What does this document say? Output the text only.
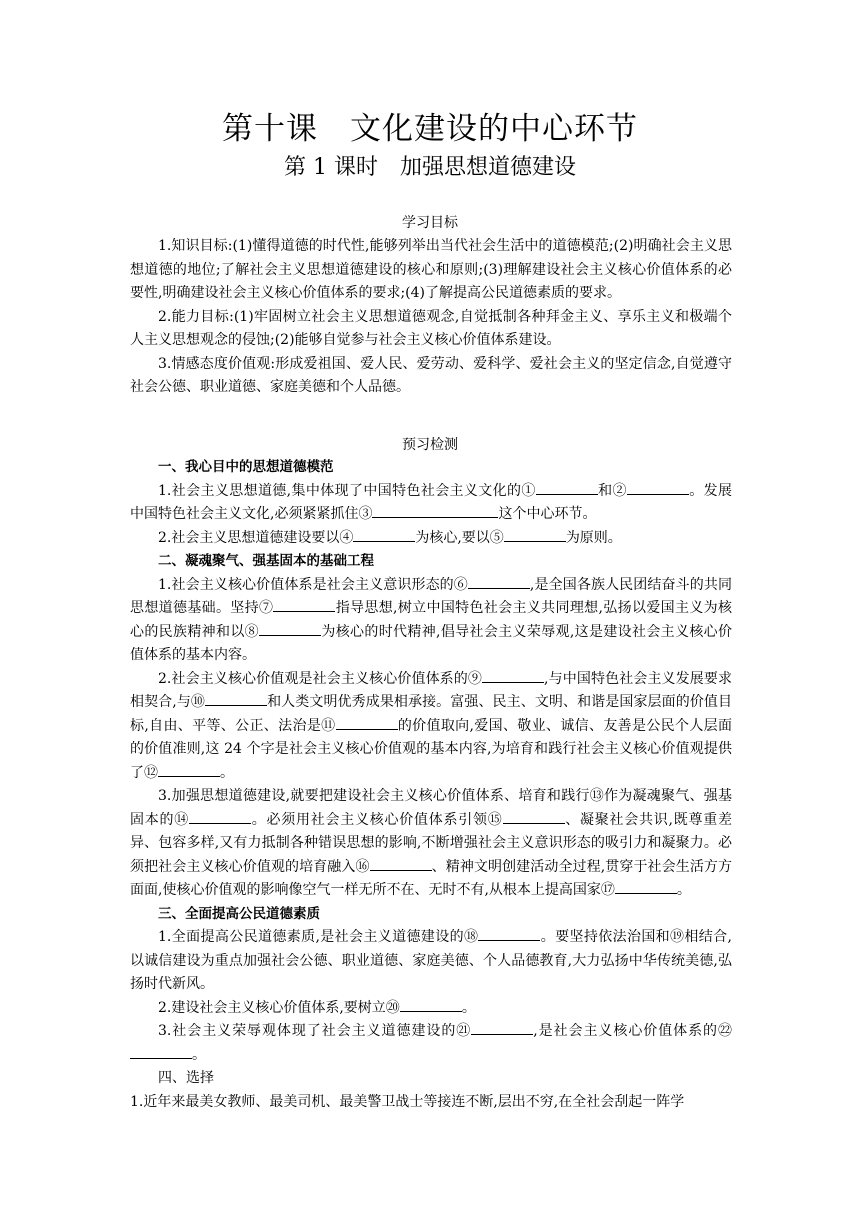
第十课　文化建设的中心环节
第 1 课时　加强思想道德建设
学习目标

1.知识目标:(1)懂得道德的时代性,能够列举出当代社会生活中的道德模范;(2)明确社会主义思想道德的地位;了解社会主义思想道德建设的核心和原则;(3)理解建设社会主义核心价值体系的必要性,明确建设社会主义核心价值体系的要求;(4)了解提高公民道德素质的要求。

2.能力目标:(1)牢固树立社会主义思想道德观念,自觉抵制各种拜金主义、享乐主义和极端个人主义思想观念的侵蚀;(2)能够自觉参与社会主义核心价值体系建设。

3.情感态度价值观:形成爱祖国、爱人民、爱劳动、爱科学、爱社会主义的坚定信念,自觉遵守社会公德、职业道德、家庭美德和个人品德。

预习检测

一、我心目中的思想道德模范

1.社会主义思想道德,集中体现了中国特色社会主义文化的①	和②	。发展中国特色社会主义文化,必须紧紧抓住③	这个中心环节。

2.社会主义思想道德建设要以④	为核心,要以⑤	为原则。

二、凝魂聚气、强基固本的基础工程

1.社会主义核心价值体系是社会主义意识形态的⑥	,是全国各族人民团结奋斗的共同思想道德基础。坚持⑦	指导思想,树立中国特色社会主义共同理想,弘扬以爱国主义为核心的民族精神和以⑧	为核心的时代精神,倡导社会主义荣辱观,这是建设社会主义核心价值体系的基本内容。

2.社会主义核心价值观是社会主义核心价值体系的⑨	,与中国特色社会主义发展要求相契合,与⑩	和人类文明优秀成果相承接。富强、民主、文明、和谐是国家层面的价值目标,自由、平等、公正、法治是⑪	的价值取向,爱国、敬业、诚信、友善是公民个人层面的价值准则,这 24 个字是社会主义核心价值观的基本内容,为培育和践行社会主义核心价值观提供了⑫	。

3.加强思想道德建设,就要把建设社会主义核心价值体系、培育和践行⑬作为凝魂聚气、强基固本的⑭	。必须用社会主义核心价值体系引领⑮	、凝聚社会共识,既尊重差异、包容多样,又有力抵制各种错误思想的影响,不断增强社会主义意识形态的吸引力和凝聚力。必须把社会主义核心价值观的培育融入⑯	、精神文明创建活动全过程,贯穿于社会生活方方面面,使核心价值观的影响像空气一样无所不在、无时不有,从根本上提高国家⑰	。

三、全面提高公民道德素质

1.全面提高公民道德素质,是社会主义道德建设的⑱	。要坚持依法治国和⑲相结合,以诚信建设为重点加强社会公德、职业道德、家庭美德、个人品德教育,大力弘扬中华传统美德,弘扬时代新风。

2.建设社会主义核心价值体系,要树立⑳	。

3.社会主义荣辱观体现了社会主义道德建设的㉑	,是社会主义核心价值体系的㉒。

四、选择

1.近年来最美女教师、最美司机、最美警卫战士等接连不断,层出不穷,在全社会刮起一阵学
